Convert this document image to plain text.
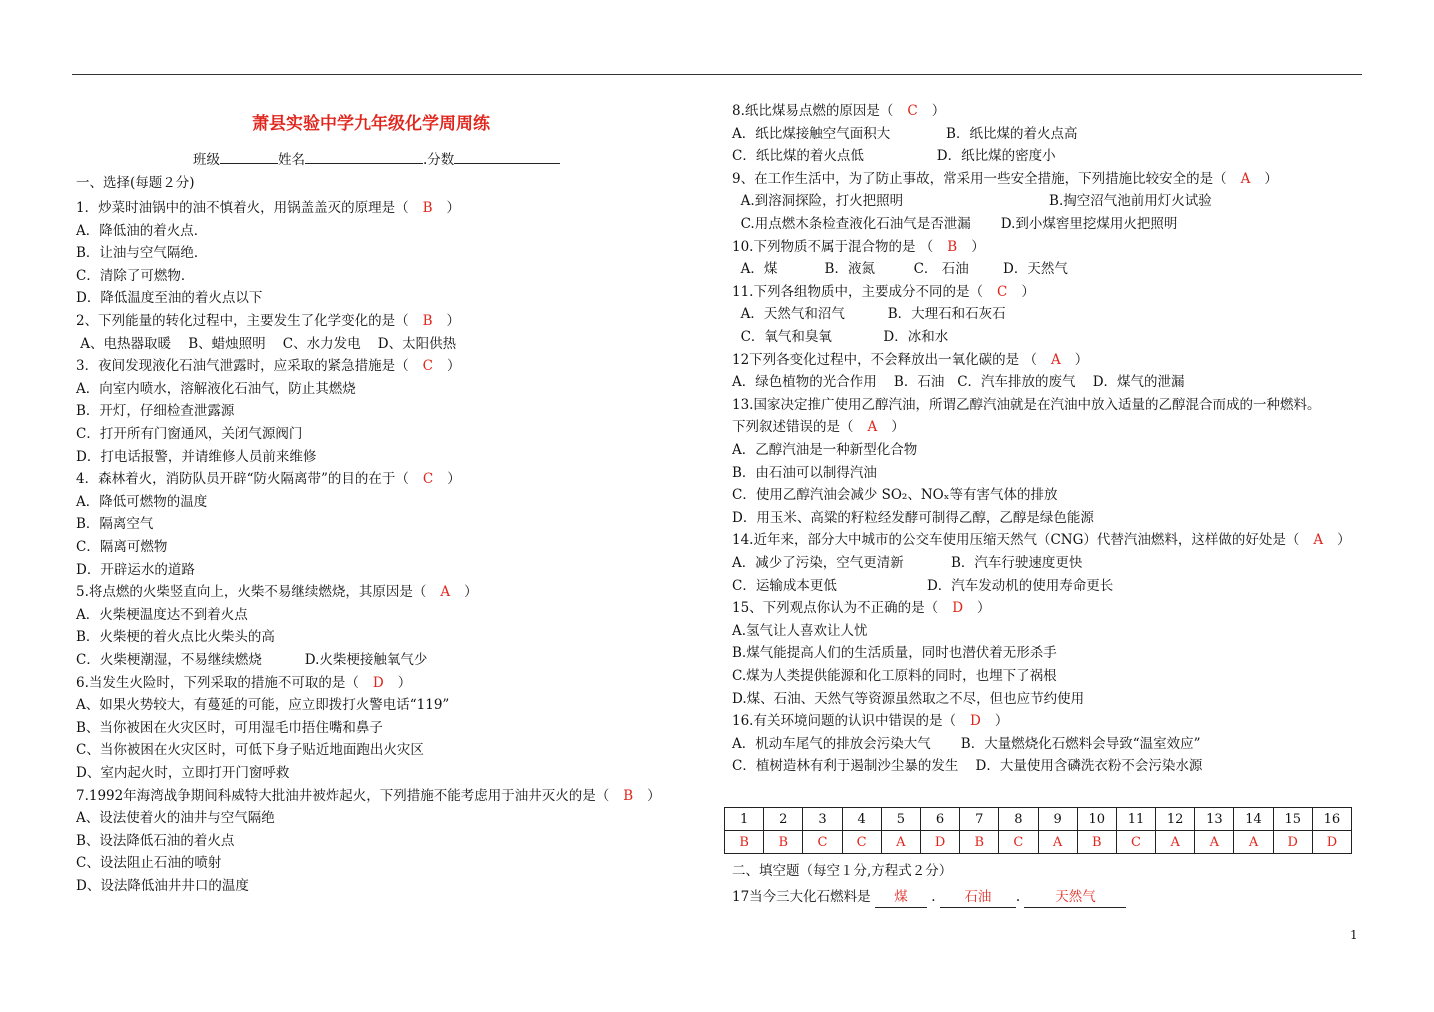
萧县实验中学九年级化学周周练
班级	姓名	.分数
一、选择(每题２分)
1．炒菜时油锅中的油不慎着火，用锅盖盖灭的原理是（ B ）
A．降低油的着火点．
B．让油与空气隔绝．
C．清除了可燃物．
D．降低温度至油的着火点以下
2、下列能量的转化过程中，主要发生了化学变化的是（ B ）
A、电热器取暖    B、蜡烛照明    C、水力发电    D、太阳供热
3．夜间发现液化石油气泄露时，应采取的紧急措施是（ C ）
A．向室内喷水，溶解液化石油气，防止其燃烧
B．开灯，仔细检查泄露源
C．打开所有门窗通风，关闭气源阀门
D．打电话报警，并请维修人员前来维修
4．森林着火，消防队员开辟“防火隔离带”的目的在于（ C ）
A．降低可燃物的温度
B．隔离空气
C．隔离可燃物
D．开辟运水的道路
5.将点燃的火柴竖直向上，火柴不易继续燃烧，其原因是（ A ）
A．火柴梗温度达不到着火点
B．火柴梗的着火点比火柴头的高
C．火柴梗潮湿，不易继续燃烧          D.火柴梗接触氧气少
6.当发生火险时，下列采取的措施不可取的是（ D ）
A、如果火势较大，有蔓延的可能，应立即拨打火警电话“119”
B、当你被困在火灾区时，可用湿毛巾捂住嘴和鼻子
C、当你被困在火灾区时，可低下身子贴近地面跑出火灾区
D、室内起火时，立即打开门窗呼救
7.1992年海湾战争期间科威特大批油井被炸起火，下列措施不能考虑用于油井灭火的是（ B ）
A、设法使着火的油井与空气隔绝
B、设法降低石油的着火点
C、设法阻止石油的喷射
D、设法降低油井井口的温度
8.纸比煤易点燃的原因是（ C ）
A．纸比煤接触空气面积大             B．纸比煤的着火点高
C．纸比煤的着火点低                 D．纸比煤的密度小
9、在工作生活中，为了防止事故，常采用一些安全措施，下列措施比较安全的是（ A ）
A.到溶洞探险，打火把照明                                  B.掏空沼气池前用灯火试验
C.用点燃木条检查液化石油气是否泄漏       D.到小煤窖里挖煤用火把照明
10.下列物质不属于混合物的是 （ B ）
A．煤           B．液氮         C． 石油        D．天然气
11.下列各组物质中，主要成分不同的是（ C ）
A．天然气和沼气          B．大理石和石灰石
C．氧气和臭氧            D．冰和水
12下列各变化过程中，不会释放出一氧化碳的是 （ A ）
A．绿色植物的光合作用    B．石油   C．汽车排放的废气    D．煤气的泄漏
13.国家决定推广使用乙醇汽油，所谓乙醇汽油就是在汽油中放入适量的乙醇混合而成的一种燃料。
下列叙述错误的是（ A ）
A．乙醇汽油是一种新型化合物
B．由石油可以制得汽油
C．使用乙醇汽油会减少 SO₂、NOₓ等有害气体的排放
D．用玉米、高粱的籽粒经发酵可制得乙醇，乙醇是绿色能源
14.近年来，部分大中城市的公交车使用压缩天然气（CNG）代替汽油燃料，这样做的好处是（ A ）
A．减少了污染，空气更清新           B．汽车行驶速度更快
C．运输成本更低                     D．汽车发动机的使用寿命更长
15、下列观点你认为不正确的是（ D ）
A.氢气让人喜欢让人忧
B.煤气能提高人们的生活质量，同时也潜伏着无形杀手
C.煤为人类提供能源和化工原料的同时，也埋下了祸根
D.煤、石油、天然气等资源虽然取之不尽，但也应节约使用
16.有关环境问题的认识中错误的是（ D ）
A．机动车尾气的排放会污染大气       B．大量燃烧化石燃料会导致“温室效应”
C．植树造林有利于遏制沙尘暴的发生    D．大量使用含磷洗衣粉不会污染水源
1	2	3	4	5	6	7	8	9	10	11	12	13	14	15	16
B	B	C	C	A	D	B	C	A	B	C	A	A	A	D	D
二、填空题（每空１分,方程式２分）
17当今三大化石燃料是 煤 . 石油 . 天然气
1
